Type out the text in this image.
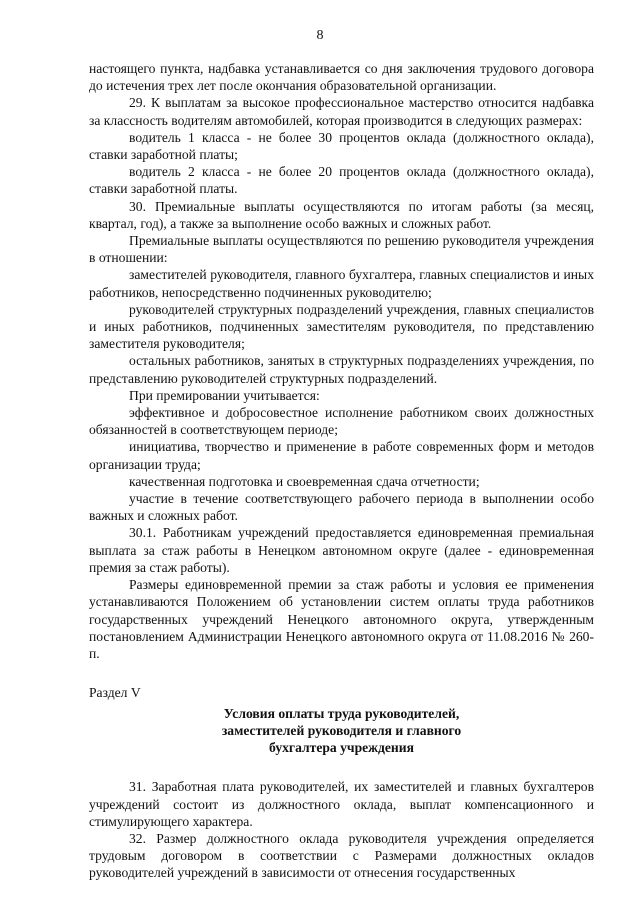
8

настоящего пункта, надбавка устанавливается со дня заключения трудового договора до истечения трех лет после окончания образовательной организации.

29. К выплатам за высокое профессиональное мастерство относится надбавка за классность водителям автомобилей, которая производится в следующих размерах:

водитель 1 класса - не более 30 процентов оклада (должностного оклада), ставки заработной платы;

водитель 2 класса - не более 20 процентов оклада (должностного оклада), ставки заработной платы.

30. Премиальные выплаты осуществляются по итогам работы (за месяц, квартал, год), а также за выполнение особо важных и сложных работ.

Премиальные выплаты осуществляются по решению руководителя учреждения в отношении:

заместителей руководителя, главного бухгалтера, главных специалистов и иных работников, непосредственно подчиненных руководителю;

руководителей структурных подразделений учреждения, главных специалистов и иных работников, подчиненных заместителям руководителя, по представлению заместителя руководителя;

остальных работников, занятых в структурных подразделениях учреждения, по представлению руководителей структурных подразделений.

При премировании учитывается:

эффективное и добросовестное исполнение работником своих должностных обязанностей в соответствующем периоде;

инициатива, творчество и применение в работе современных форм и методов организации труда;

качественная подготовка и своевременная сдача отчетности;

участие в течение соответствующего рабочего периода в выполнении особо важных и сложных работ.

30.1. Работникам учреждений предоставляется единовременная премиальная выплата за стаж работы в Ненецком автономном округе (далее - единовременная премия за стаж работы).

Размеры единовременной премии за стаж работы и условия ее применения устанавливаются Положением об установлении систем оплаты труда работников государственных учреждений Ненецкого автономного округа, утвержденным постановлением Администрации Ненецкого автономного округа от 11.08.2016 № 260-п.

Раздел V

Условия оплаты труда руководителей,
заместителей руководителя и главного
бухгалтера учреждения

31. Заработная плата руководителей, их заместителей и главных бухгалтеров учреждений состоит из должностного оклада, выплат компенсационного и стимулирующего характера.

32. Размер должностного оклада руководителя учреждения определяется трудовым договором в соответствии с Размерами должностных окладов руководителей учреждений в зависимости от отнесения государственных
